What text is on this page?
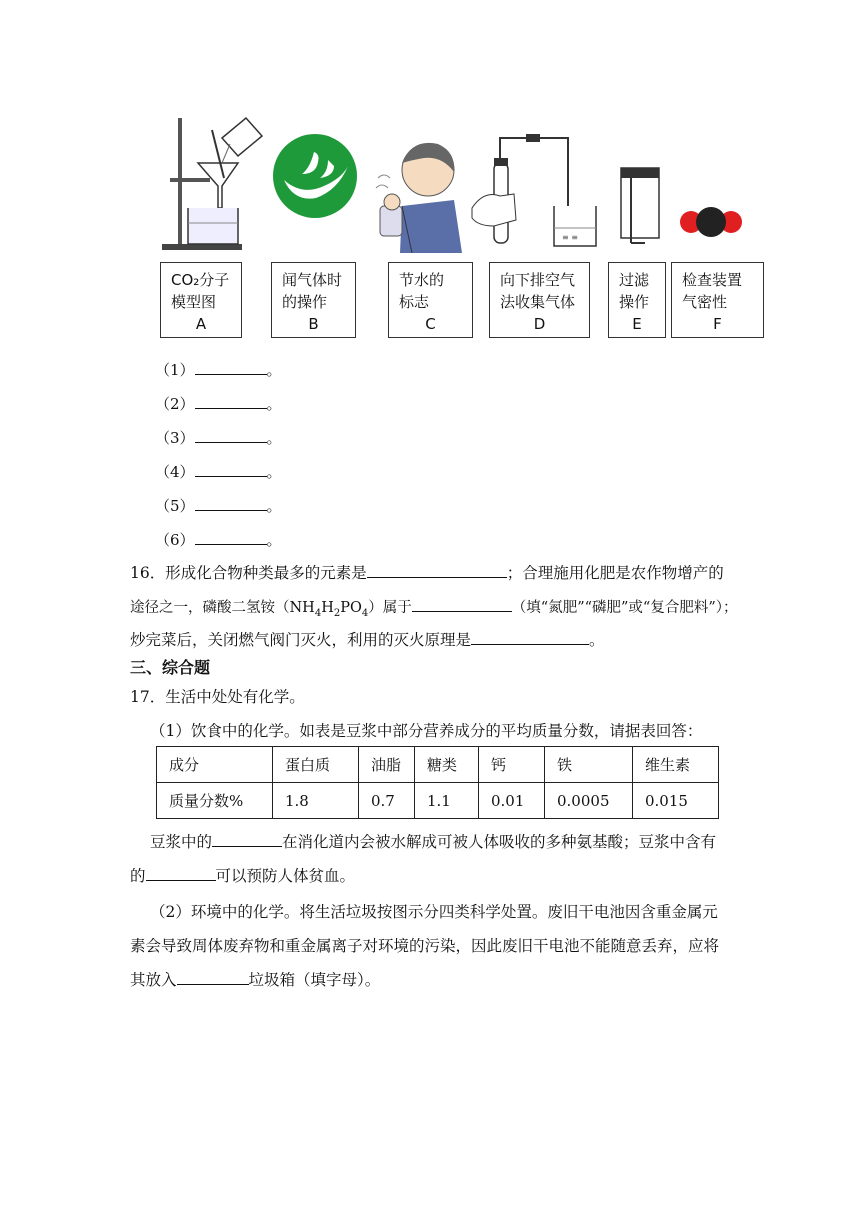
≡ ≡
CO₂分子
模型图
A
闻气体时
的操作
B
节水的
标志
C
向下排空气
法收集气体
D
过滤
操作
E
检查装置
气密性
F
（1）	。
（2）	。
（3）	。
（4）	。
（5）	。
（6）	。
16．形成化合物种类最多的元素是	；合理施用化肥是农作物增产的
途径之一，磷酸二氢铵$(NH_4H_2PO_4)$属于	（填“氮肥”“磷肥”或“复合肥料”）；
炒完菜后，关闭燃气阀门灭火，利用的灭火原理是	。
三、综合题
17．生活中处处有化学。
（1）饮食中的化学。如表是豆浆中部分营养成分的平均质量分数，请据表回答：
成分	蛋白质	油脂	糖类	钙	铁	维生素
质量分数%	1.8	0.7	1.1	0.01	0.0005	0.015
豆浆中的	在消化道内会被水解成可被人体吸收的多种氨基酸；豆浆中含有
的	可以预防人体贫血。
（2）环境中的化学。将生活垃圾按图示分四类科学处置。废旧干电池因含重金属元
素会导致周体废弃物和重金属离子对环境的污染，因此废旧干电池不能随意丢弃，应将
其放入	垃圾箱（填字母）。
